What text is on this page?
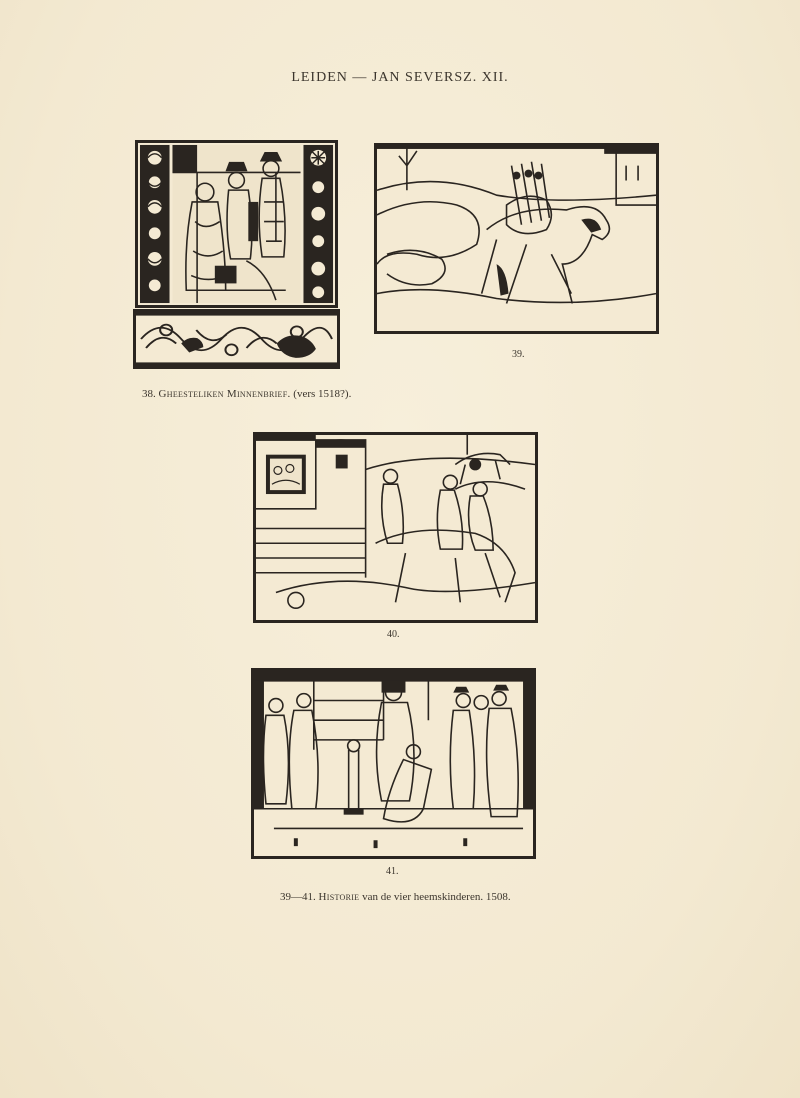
LEIDEN — JAN SEVERSZ. XII.
38. Gheesteliken Minnenbrief. (vers 1518?).
39.
40.
41.
39—41. Historie van de vier heemskinderen. 1508.
